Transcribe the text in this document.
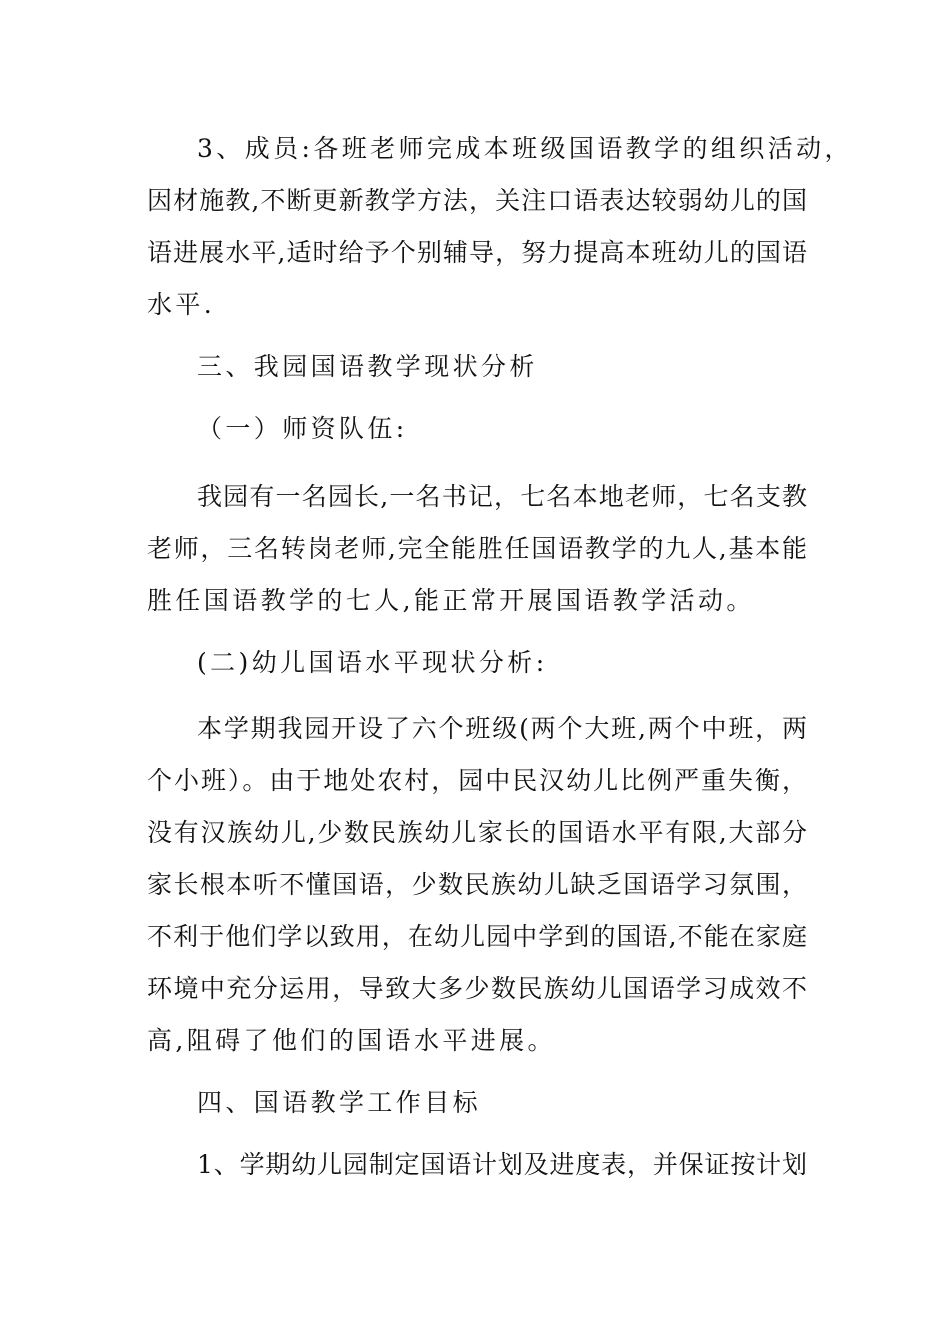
3、成员:各班老师完成本班级国语教学的组织活动，
因材施教,不断更新教学方法，关注口语表达较弱幼儿的国
语进展水平,适时给予个别辅导，努力提高本班幼儿的国语
水平.
三、我园国语教学现状分析
（一）师资队伍:
我园有一名园长,一名书记，七名本地老师，七名支教
老师，三名转岗老师,完全能胜任国语教学的九人,基本能
胜任国语教学的七人,能正常开展国语教学活动。
(二)幼儿国语水平现状分析:
本学期我园开设了六个班级(两个大班,两个中班，两
个小班）。由于地处农村，园中民汉幼儿比例严重失衡，
没有汉族幼儿,少数民族幼儿家长的国语水平有限,大部分
家长根本听不懂国语，少数民族幼儿缺乏国语学习氛围，
不利于他们学以致用，在幼儿园中学到的国语,不能在家庭
环境中充分运用，导致大多少数民族幼儿国语学习成效不
高,阻碍了他们的国语水平进展。
四、国语教学工作目标
1、学期幼儿园制定国语计划及进度表，并保证按计划
